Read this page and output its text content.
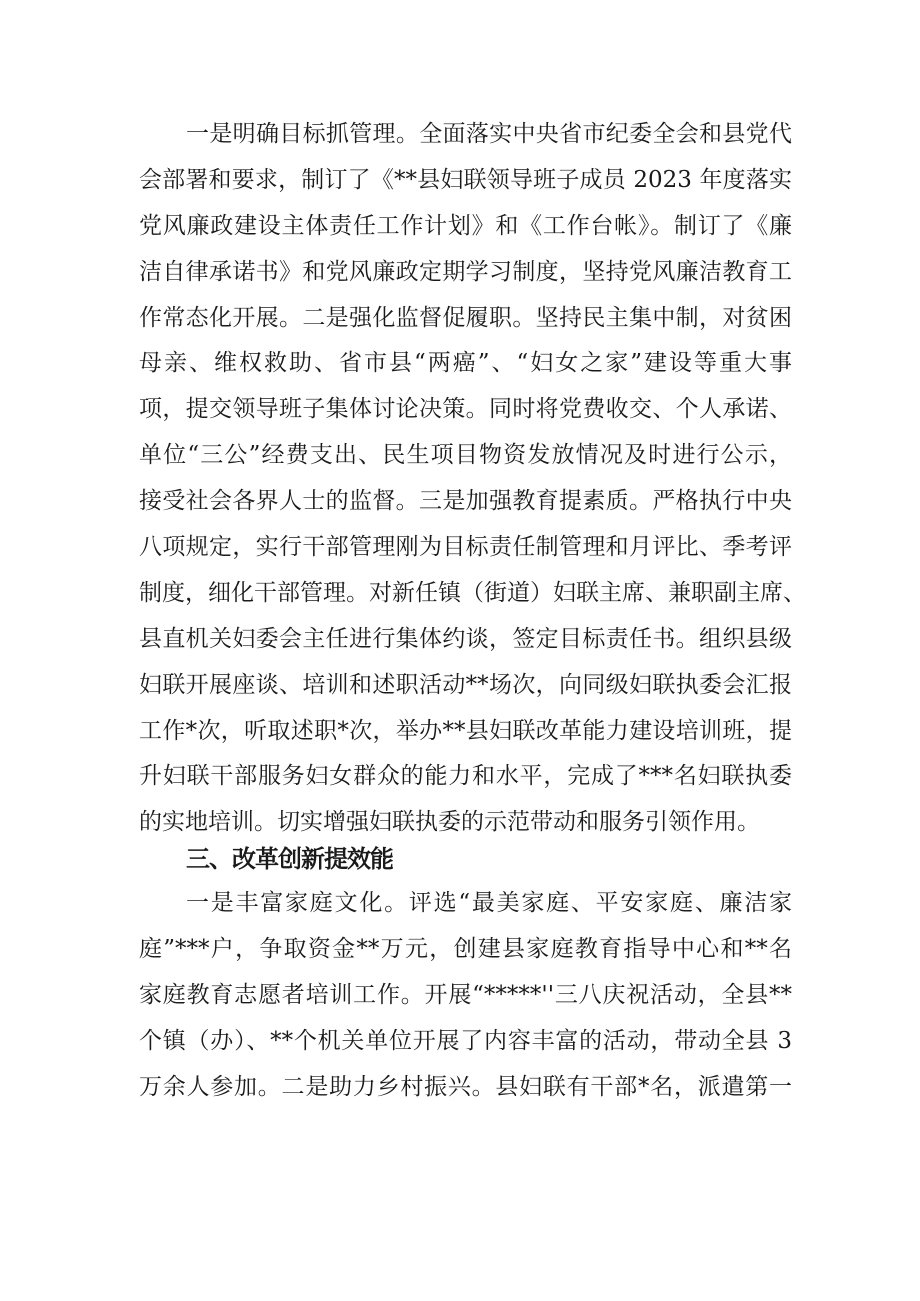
一是明确目标抓管理。全面落实中央省市纪委全会和县党代
会部署和要求，制订了《**县妇联领导班子成员 2023 年度落实
党风廉政建设主体责任工作计划》和《工作台帐》。制订了《廉
洁自律承诺书》和党风廉政定期学习制度，坚持党风廉洁教育工
作常态化开展。二是强化监督促履职。坚持民主集中制，对贫困
母亲、维权救助、省市县“两癌”、“妇女之家”建设等重大事
项，提交领导班子集体讨论决策。同时将党费收交、个人承诺、
单位“三公”经费支出、民生项目物资发放情况及时进行公示，
接受社会各界人士的监督。三是加强教育提素质。严格执行中央
八项规定，实行干部管理刚为目标责任制管理和月评比、季考评
制度，细化干部管理。对新任镇（街道）妇联主席、兼职副主席、
县直机关妇委会主任进行集体约谈，签定目标责任书。组织县级
妇联开展座谈、培训和述职活动**场次，向同级妇联执委会汇报
工作*次，听取述职*次，举办**县妇联改革能力建设培训班，提
升妇联干部服务妇女群众的能力和水平，完成了***名妇联执委
的实地培训。切实增强妇联执委的示范带动和服务引领作用。
三、改革创新提效能
一是丰富家庭文化。评选“最美家庭、平安家庭、廉洁家
庭”***户，争取资金**万元，创建县家庭教育指导中心和**名
家庭教育志愿者培训工作。开展“*****''三八庆祝活动，全县**
个镇（办）、**个机关单位开展了内容丰富的活动，带动全县 3
万余人参加。二是助力乡村振兴。县妇联有干部*名，派遣第一
